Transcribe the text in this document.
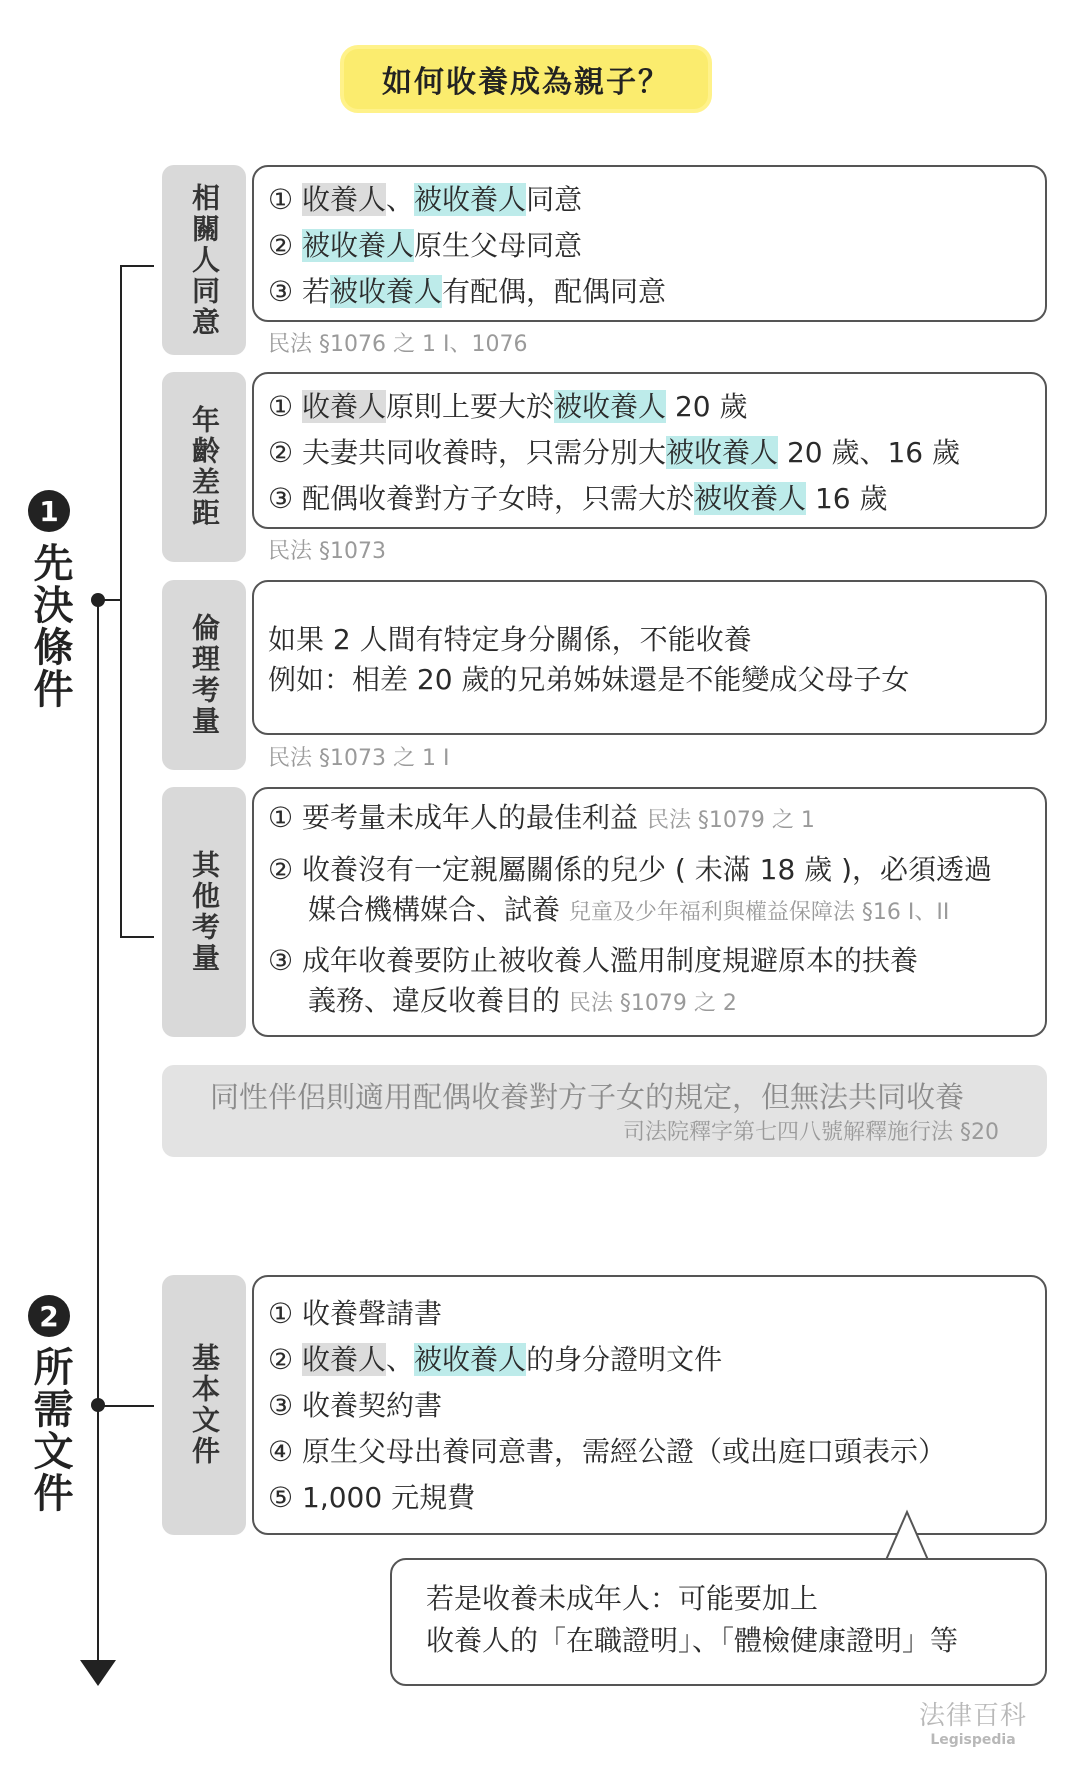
如何收養成為親子？
1
先決條件
2
所需文件
相關人同意 ① 收養人、被收養人同意
② 被收養人原生父母同意
③ 若被收養人有配偶，配偶同意
民法 §1076 之 1 I、1076
年齡差距 ① 收養人原則上要大於被收養人 20 歲
② 夫妻共同收養時，只需分別大被收養人 20 歲、16 歲
③ 配偶收養對方子女時，只需大於被收養人 16 歲
民法 §1073
倫理考量 如果 2 人間有特定身分關係，不能收養
例如：相差 20 歲的兄弟姊妹還是不能變成父母子女
民法 §1073 之 1 I
其他考量
① 要考量未成年人的最佳利益 民法 §1079 之 1
② 收養沒有一定親屬關係的兒少 ( 未滿 18 歲 )，必須透過
媒合機構媒合、試養 兒童及少年福利與權益保障法 §16 I、II
③ 成年收養要防止被收養人濫用制度規避原本的扶養
義務、違反收養目的 民法 §1079 之 2
同性伴侶則適用配偶收養對方子女的規定，但無法共同收養
司法院釋字第七四八號解釋施行法 §20
基本文件
① 收養聲請書
② 收養人、被收養人的身分證明文件
③ 收養契約書
④ 原生父母出養同意書，需經公證（或出庭口頭表示）
⑤ 1,000 元規費
若是收養未成年人：可能要加上
收養人的「在職證明」、「體檢健康證明」等
法律百科
Legispedia
